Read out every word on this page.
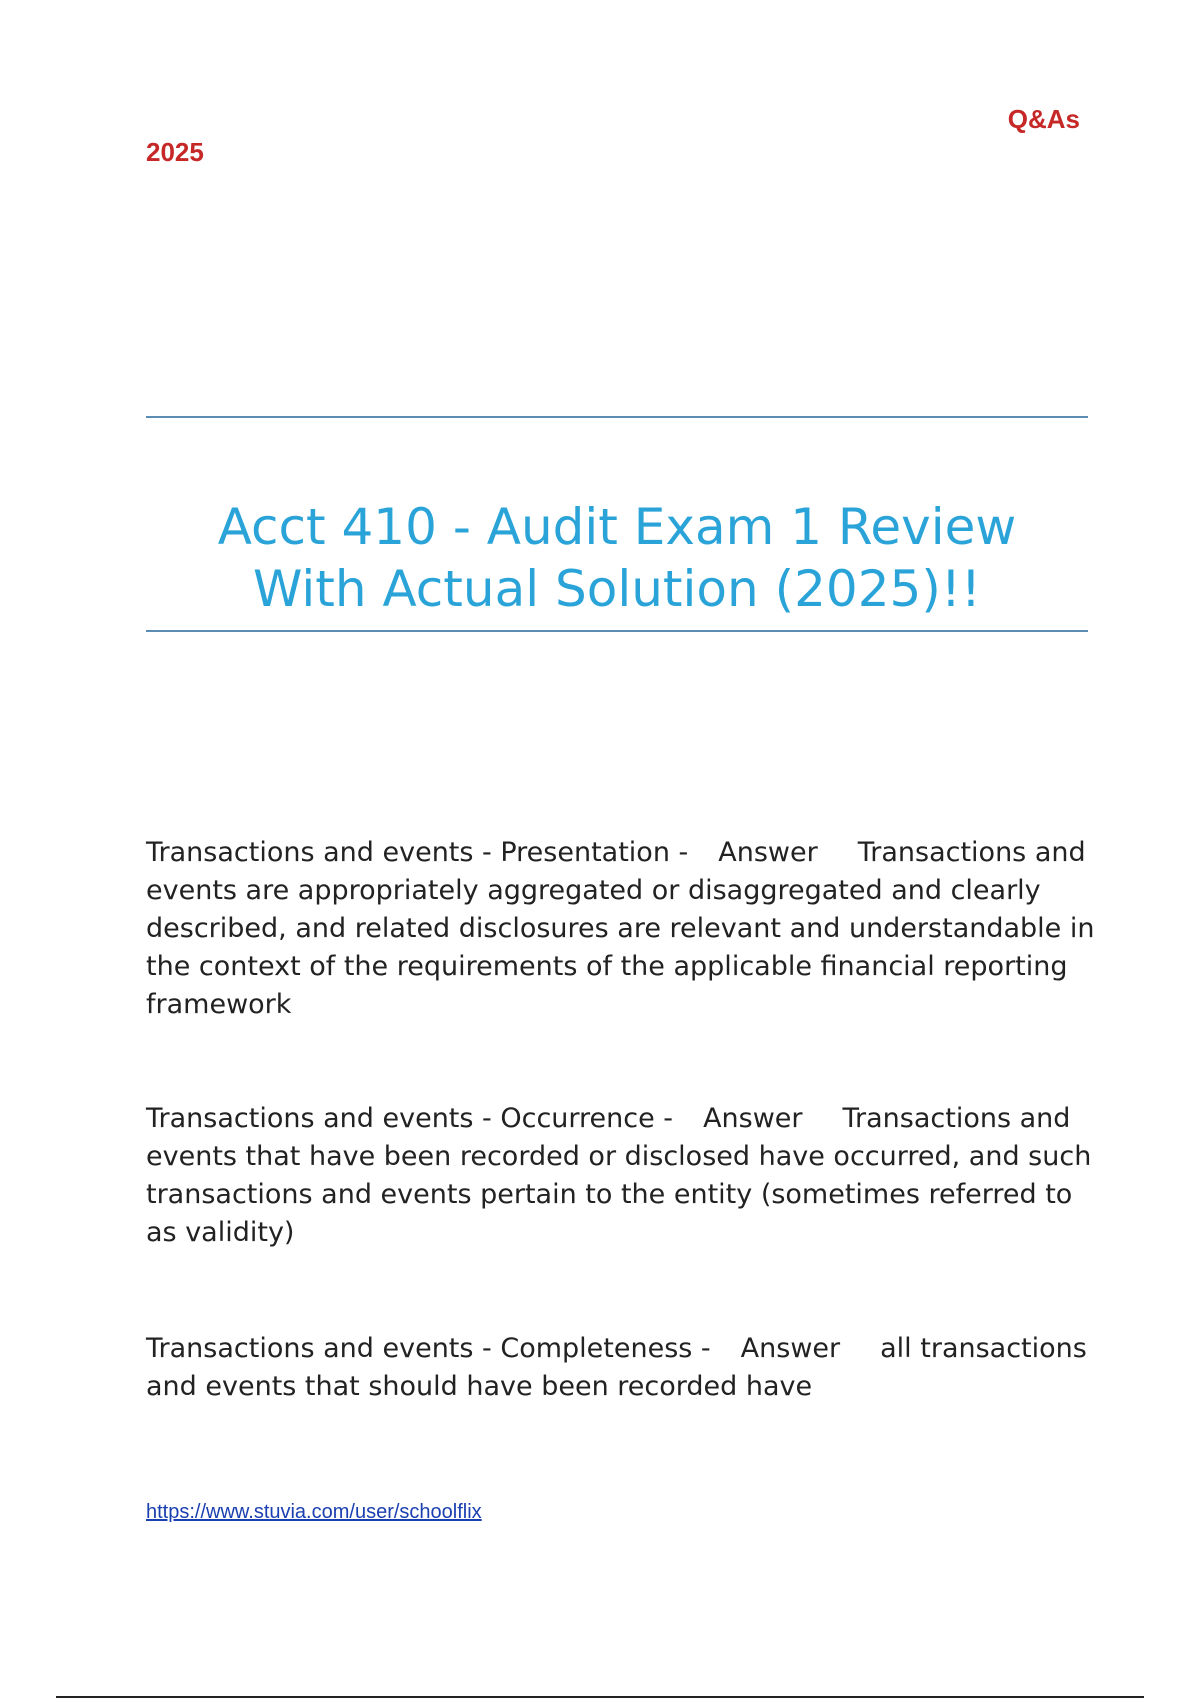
Q&As
2025
Acct 410 - Audit Exam 1 Review
With Actual Solution (2025)!!
Transactions and events - Presentation - Answer Transactions and events are appropriately aggregated or disaggregated and clearly described, and related disclosures are relevant and understandable in the context of the requirements of the applicable financial reporting framework
Transactions and events - Occurrence - Answer Transactions and events that have been recorded or disclosed have occurred, and such transactions and events pertain to the entity (sometimes referred to as validity)
Transactions and events - Completeness - Answer all transactions and events that should have been recorded have
https://www.stuvia.com/user/schoolflix
